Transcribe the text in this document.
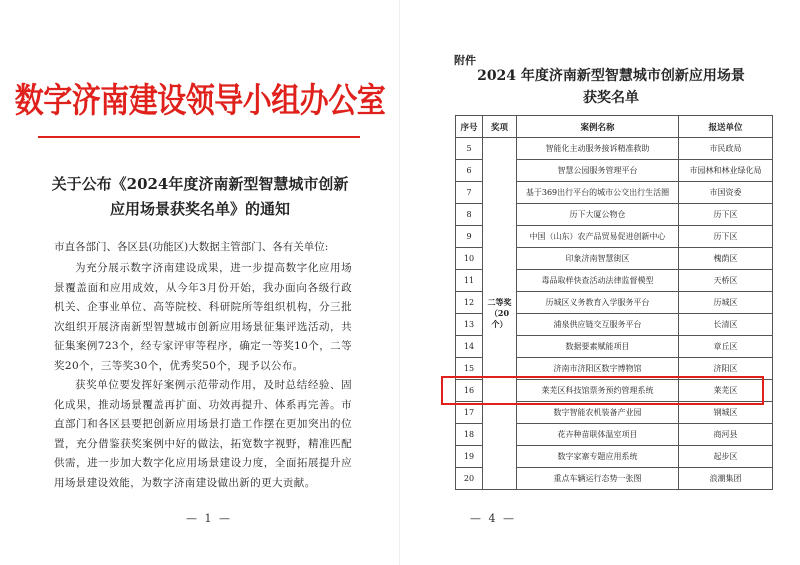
数字济南建设领导小组办公室
关于公布《2024年度济南新型智慧城市创新
应用场景获奖名单》的通知
市直各部门、各区县(功能区)大数据主管部门、各有关单位:
为充分展示数字济南建设成果，进一步提高数字化应用场景覆盖面和应用成效，从今年3月份开始，我办面向各级行政机关、企事业单位、高等院校、科研院所等组织机构，分三批次组织开展济南新型智慧城市创新应用场景征集评选活动，共征集案例723个，经专家评审等程序，确定一等奖10个，二等奖20个，三等奖30个，优秀奖50个，现予以公布。
获奖单位要发挥好案例示范带动作用，及时总结经验、固化成果，推动场景覆盖再扩面、功效再提升、体系再完善。市直部门和各区县要把创新应用场景打造工作摆在更加突出的位置，充分借鉴获奖案例中好的做法，拓宽数字视野，精准匹配供需，进一步加大数字化应用场景建设力度，全面拓展提升应用场景建设效能，为数字济南建设做出新的更大贡献。
— 1 —
附件
2024 年度济南新型智慧城市创新应用场景
获奖名单
序号	奖项	案例名称	报送单位
5	二等奖（20 个）	智能化主动服务接诉精准救助	市民政局
6		智慧公园服务管理平台	市园林和林业绿化局
7		基于369出行平台的城市公交出行生活圈	市国资委
8		历下大厦公物仓	历下区
9		中国（山东）农产品贸易促进创新中心	历下区
10		印象济南智慧街区	槐荫区
11		毒品取样快查活动法律监督模型	天桥区
12		历城区义务教育入学服务平台	历城区
13		浦泉供应链交互服务平台	长清区
14		数据要素赋能项目	章丘区
15		济南市济阳区数字博物馆	济阳区
16		莱芜区科技馆票务预约管理系统	莱芜区
17		数字智能农机装备产业园	钢城区
18		花卉种苗联体温室项目	商河县
19		数字家寨专题应用系统	起步区
20		重点车辆运行态势一张图	浪潮集团
— 4 —
